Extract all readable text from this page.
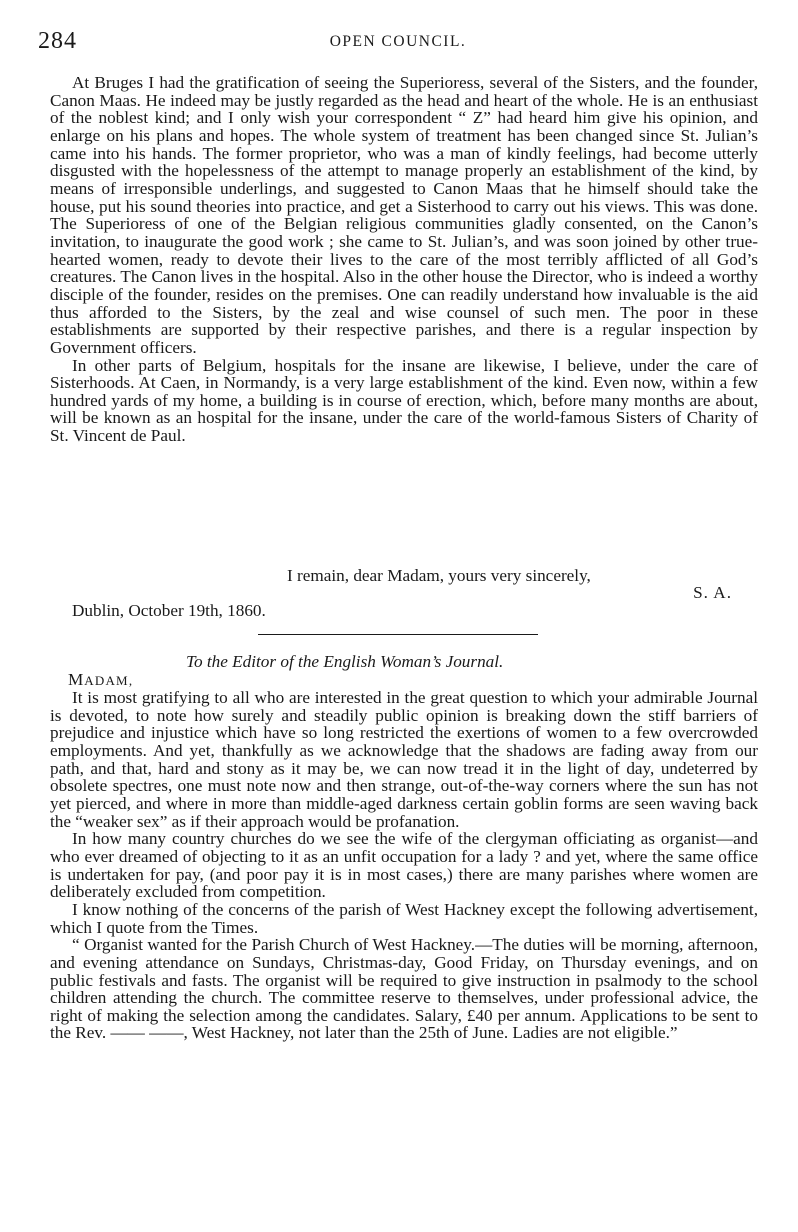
284	OPEN COUNCIL.

At Bruges I had the gratification of seeing the Superioress, several of the Sisters, and the founder, Canon Maas. He indeed may be justly regarded as the head and heart of the whole. He is an enthusiast of the noblest kind; and I only wish your correspondent “ Z” had heard him give his opinion, and enlarge on his plans and hopes. The whole system of treatment has been changed since St. Julian’s came into his hands. The former proprietor, who was a man of kindly feelings, had become utterly disgusted with the hopelessness of the attempt to manage properly an establishment of the kind, by means of irresponsible underlings, and suggested to Canon Maas that he himself should take the house, put his sound theories into practice, and get a Sisterhood to carry out his views. This was done. The Superioress of one of the Belgian religious communities gladly consented, on the Canon’s invitation, to inaugurate the good work ; she came to St. Julian’s, and was soon joined by other true-hearted women, ready to devote their lives to the care of the most terribly afflicted of all God’s creatures. The Canon lives in the hospital. Also in the other house the Director, who is indeed a worthy disciple of the founder, resides on the premises. One can readily understand how invaluable is the aid thus afforded to the Sisters, by the zeal and wise counsel of such men. The poor in these establishments are supported by their respective parishes, and there is a regular inspection by Government officers.

In other parts of Belgium, hospitals for the insane are likewise, I believe, under the care of Sisterhoods. At Caen, in Normandy, is a very large establishment of the kind. Even now, within a few hundred yards of my home, a building is in course of erection, which, before many months are about, will be known as an hospital for the insane, under the care of the world-famous Sisters of Charity of St. Vincent de Paul.

I remain, dear Madam, yours very sincerely,
S. A.
Dublin, October 19th, 1860.
To the Editor of the English Woman’s Journal.
MADAM,

It is most gratifying to all who are interested in the great question to which your admirable Journal is devoted, to note how surely and steadily public opinion is breaking down the stiff barriers of prejudice and injustice which have so long restricted the exertions of women to a few overcrowded employments. And yet, thankfully as we acknowledge that the shadows are fading away from our path, and that, hard and stony as it may be, we can now tread it in the light of day, undeterred by obsolete spectres, one must note now and then strange, out-of-the-way corners where the sun has not yet pierced, and where in more than middle-aged darkness certain goblin forms are seen waving back the “weaker sex” as if their approach would be profanation.

In how many country churches do we see the wife of the clergyman officiating as organist—and who ever dreamed of objecting to it as an unfit occupation for a lady ? and yet, where the same office is undertaken for pay, (and poor pay it is in most cases,) there are many parishes where women are deliberately excluded from competition.

I know nothing of the concerns of the parish of West Hackney except the following advertisement, which I quote from the Times.

“ Organist wanted for the Parish Church of West Hackney.—The duties will be morning, afternoon, and evening attendance on Sundays, Christmas-day, Good Friday, on Thursday evenings, and on public festivals and fasts. The organist will be required to give instruction in psalmody to the school children attending the church. The committee reserve to themselves, under professional advice, the right of making the selection among the candidates. Salary, £40 per annum. Applications to be sent to the Rev. —— ——, West Hackney, not later than the 25th of June. Ladies are not eligible.”
